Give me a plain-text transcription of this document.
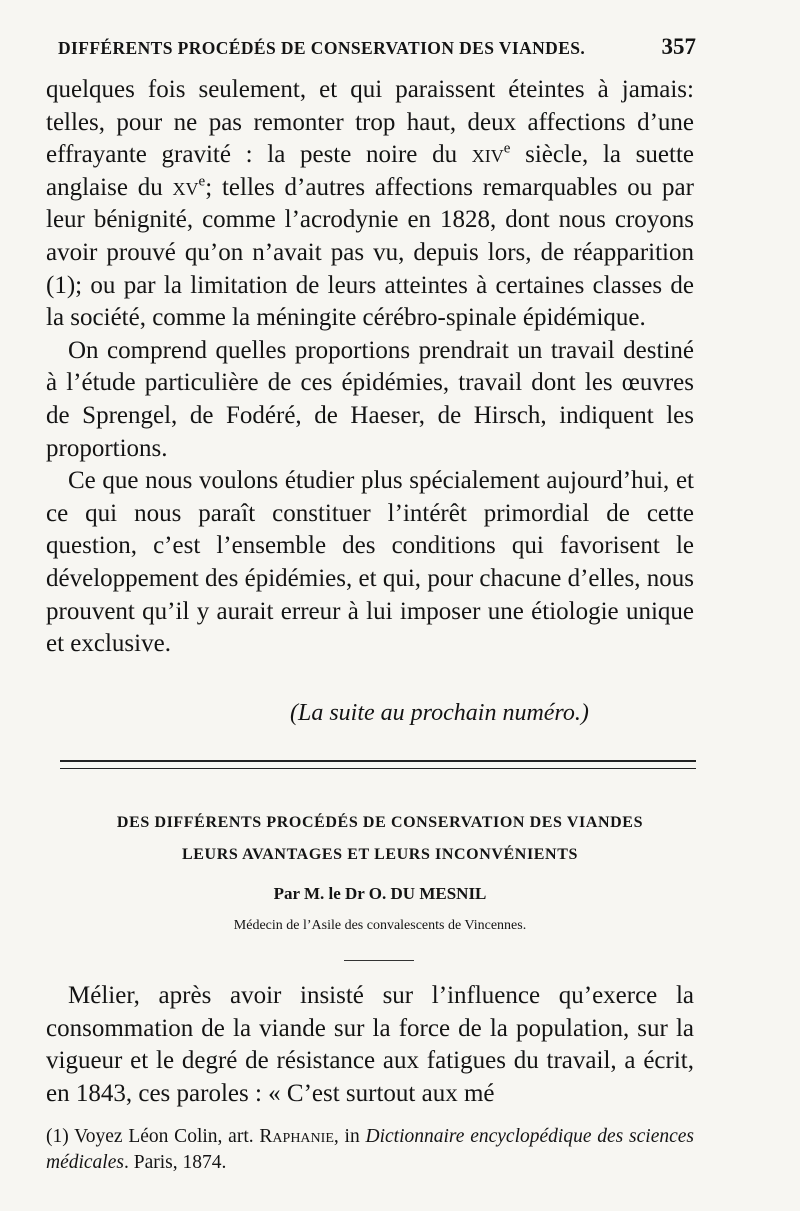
DIFFÉRENTS PROCÉDÉS DE CONSERVATION DES VIANDES.	357

quelques fois seulement, et qui paraissent éteintes à jamais: telles, pour ne pas remonter trop haut, deux affections d’une effrayante gravité : la peste noire du xiv$^e$ siècle, la suette anglaise du $xv^e$; telles d’autres affections remarquables ou par leur bénignité, comme l’acrodynie en 1828, dont nous croyons avoir prouvé qu’on n’avait pas vu, depuis lors, de réapparition (1); ou par la limitation de leurs atteintes à certaines classes de la société, comme la méningite cérébro-spinale épidémique.

On comprend quelles proportions prendrait un travail destiné à l’étude particulière de ces épidémies, travail dont les œuvres de Sprengel, de Fodéré, de Haeser, de Hirsch, indiquent les proportions.

Ce que nous voulons étudier plus spécialement aujourd’hui, et ce qui nous paraît constituer l’intérêt primordial de cette question, c’est l’ensemble des conditions qui favorisent le développement des épidémies, et qui, pour chacune d’elles, nous prouvent qu’il y aurait erreur à lui imposer une étiologie unique et exclusive.

(La suite au prochain numéro.)
DES DIFFÉRENTS PROCÉDÉS DE CONSERVATION DES VIANDES
LEURS AVANTAGES ET LEURS INCONVÉNIENTS
Par M. le Dr O. DU MESNIL
Médecin de l’Asile des convalescents de Vincennes.

Mélier, après avoir insisté sur l’influence qu’exerce la consommation de la viande sur la force de la population, sur la vigueur et le degré de résistance aux fatigues du travail, a écrit, en 1843, ces paroles : « C’est surtout aux mé

(1) Voyez Léon Colin, art. Raphanie, in Dictionnaire encyclopédique des sciences médicales. Paris, 1874.
